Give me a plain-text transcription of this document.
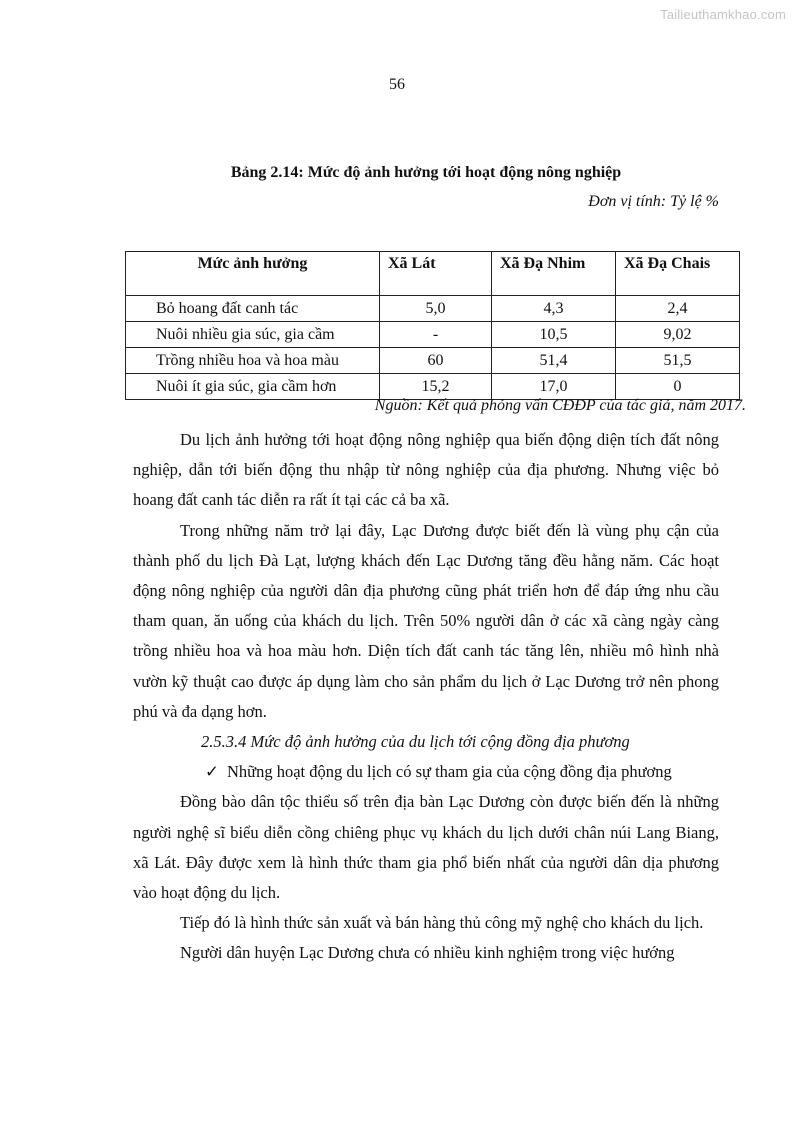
Tailieuthamkhao.com
56
Bảng 2.14: Mức độ ảnh hưởng tới hoạt động nông nghiệp
Đơn vị tính: Tỷ lệ %
Mức ảnh hưởng	Xã Lát	Xã Đạ Nhim	Xã Đạ Chais
Bỏ hoang đất canh tác	5,0	4,3	2,4
Nuôi nhiều gia súc, gia cầm	-	10,5	9,02
Trồng nhiều hoa và hoa màu	60	51,4	51,5
Nuôi ít gia súc, gia cầm hơn	15,2	17,0	0
Nguồn: Kết quả phỏng vấn CĐĐP của tác giả, năm 2017.

Du lịch ảnh hưởng tới hoạt động nông nghiệp qua biến động diện tích đất nông nghiệp, dẫn tới biến động thu nhập từ nông nghiệp của địa phương. Nhưng việc bỏ hoang đất canh tác diễn ra rất ít tại các cả ba xã.

Trong những năm trở lại đây, Lạc Dương được biết đến là vùng phụ cận của thành phố du lịch Đà Lạt, lượng khách đến Lạc Dương tăng đều hằng năm. Các hoạt động nông nghiệp của người dân địa phương cũng phát triển hơn để đáp ứng nhu cầu tham quan, ăn uống của khách du lịch. Trên 50% người dân ở các xã càng ngày càng trồng nhiều hoa và hoa màu hơn. Diện tích đất canh tác tăng lên, nhiều mô hình nhà vườn kỹ thuật cao được áp dụng làm cho sản phẩm du lịch ở Lạc Dương trở nên phong phú và đa dạng hơn.

2.5.3.4 Mức độ ảnh hưởng của du lịch tới cộng đồng địa phương

✓ Những hoạt động du lịch có sự tham gia của cộng đồng địa phương

Đồng bào dân tộc thiểu số trên địa bàn Lạc Dương còn được biến đến là những người nghệ sĩ biểu diễn cồng chiêng phục vụ khách du lịch dưới chân núi Lang Biang, xã Lát. Đây được xem là hình thức tham gia phổ biến nhất của người dân dịa phương vào hoạt động du lịch.

Tiếp đó là hình thức sản xuất và bán hàng thủ công mỹ nghệ cho khách du lịch.

Người dân huyện Lạc Dương chưa có nhiều kinh nghiệm trong việc hướng
